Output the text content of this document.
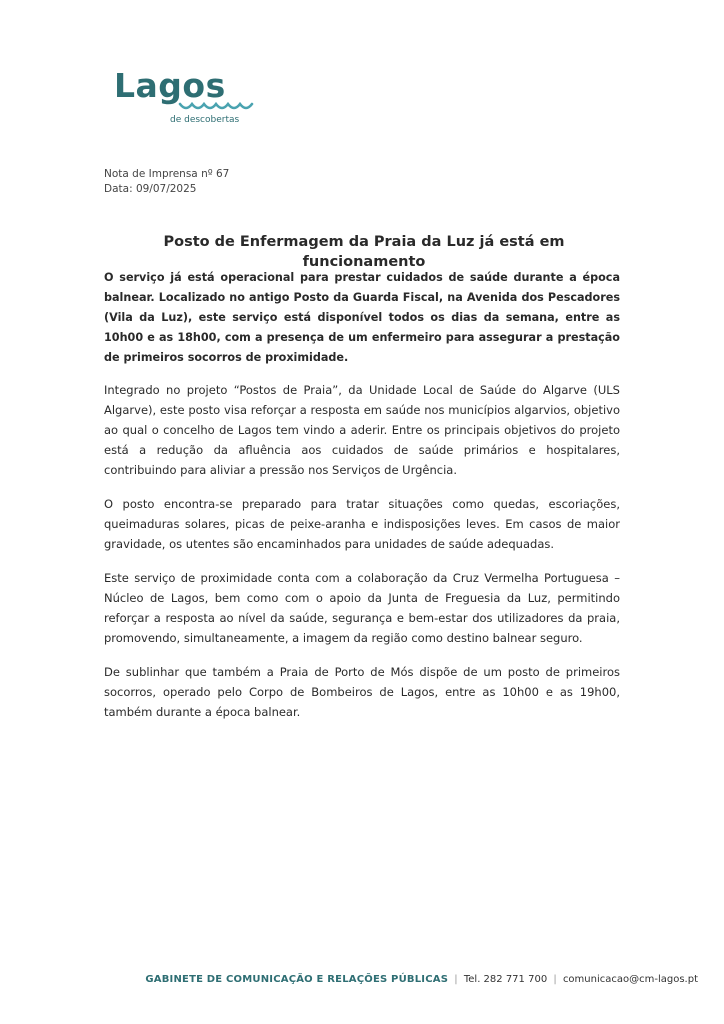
Lagos
de descobertas
Nota de Imprensa nº 67
Data: 09/07/2025
Posto de Enfermagem da Praia da Luz já está em funcionamento

O serviço já está operacional para prestar cuidados de saúde durante a época balnear. Localizado no antigo Posto da Guarda Fiscal, na Avenida dos Pescadores (Vila da Luz), este serviço está disponível todos os dias da semana, entre as 10h00 e as 18h00, com a presença de um enfermeiro para assegurar a prestação de primeiros socorros de proximidade.

Integrado no projeto “Postos de Praia”, da Unidade Local de Saúde do Algarve (ULS Algarve), este posto visa reforçar a resposta em saúde nos municípios algarvios, objetivo ao qual o concelho de Lagos tem vindo a aderir. Entre os principais objetivos do projeto está a redução da afluência aos cuidados de saúde primários e hospitalares, contribuindo para aliviar a pressão nos Serviços de Urgência.

O posto encontra-se preparado para tratar situações como quedas, escoriações, queimaduras solares, picas de peixe-aranha e indisposições leves. Em casos de maior gravidade, os utentes são encaminhados para unidades de saúde adequadas.

Este serviço de proximidade conta com a colaboração da Cruz Vermelha Portuguesa – Núcleo de Lagos, bem como com o apoio da Junta de Freguesia da Luz, permitindo reforçar a resposta ao nível da saúde, segurança e bem-estar dos utilizadores da praia, promovendo, simultaneamente, a imagem da região como destino balnear seguro.

De sublinhar que também a Praia de Porto de Mós dispõe de um posto de primeiros socorros, operado pelo Corpo de Bombeiros de Lagos, entre as 10h00 e as 19h00, também durante a época balnear.

GABINETE DE COMUNICAÇÃO E RELAÇÕES PÚBLICAS | Tel. 282 771 700 | comunicacao@cm-lagos.pt
